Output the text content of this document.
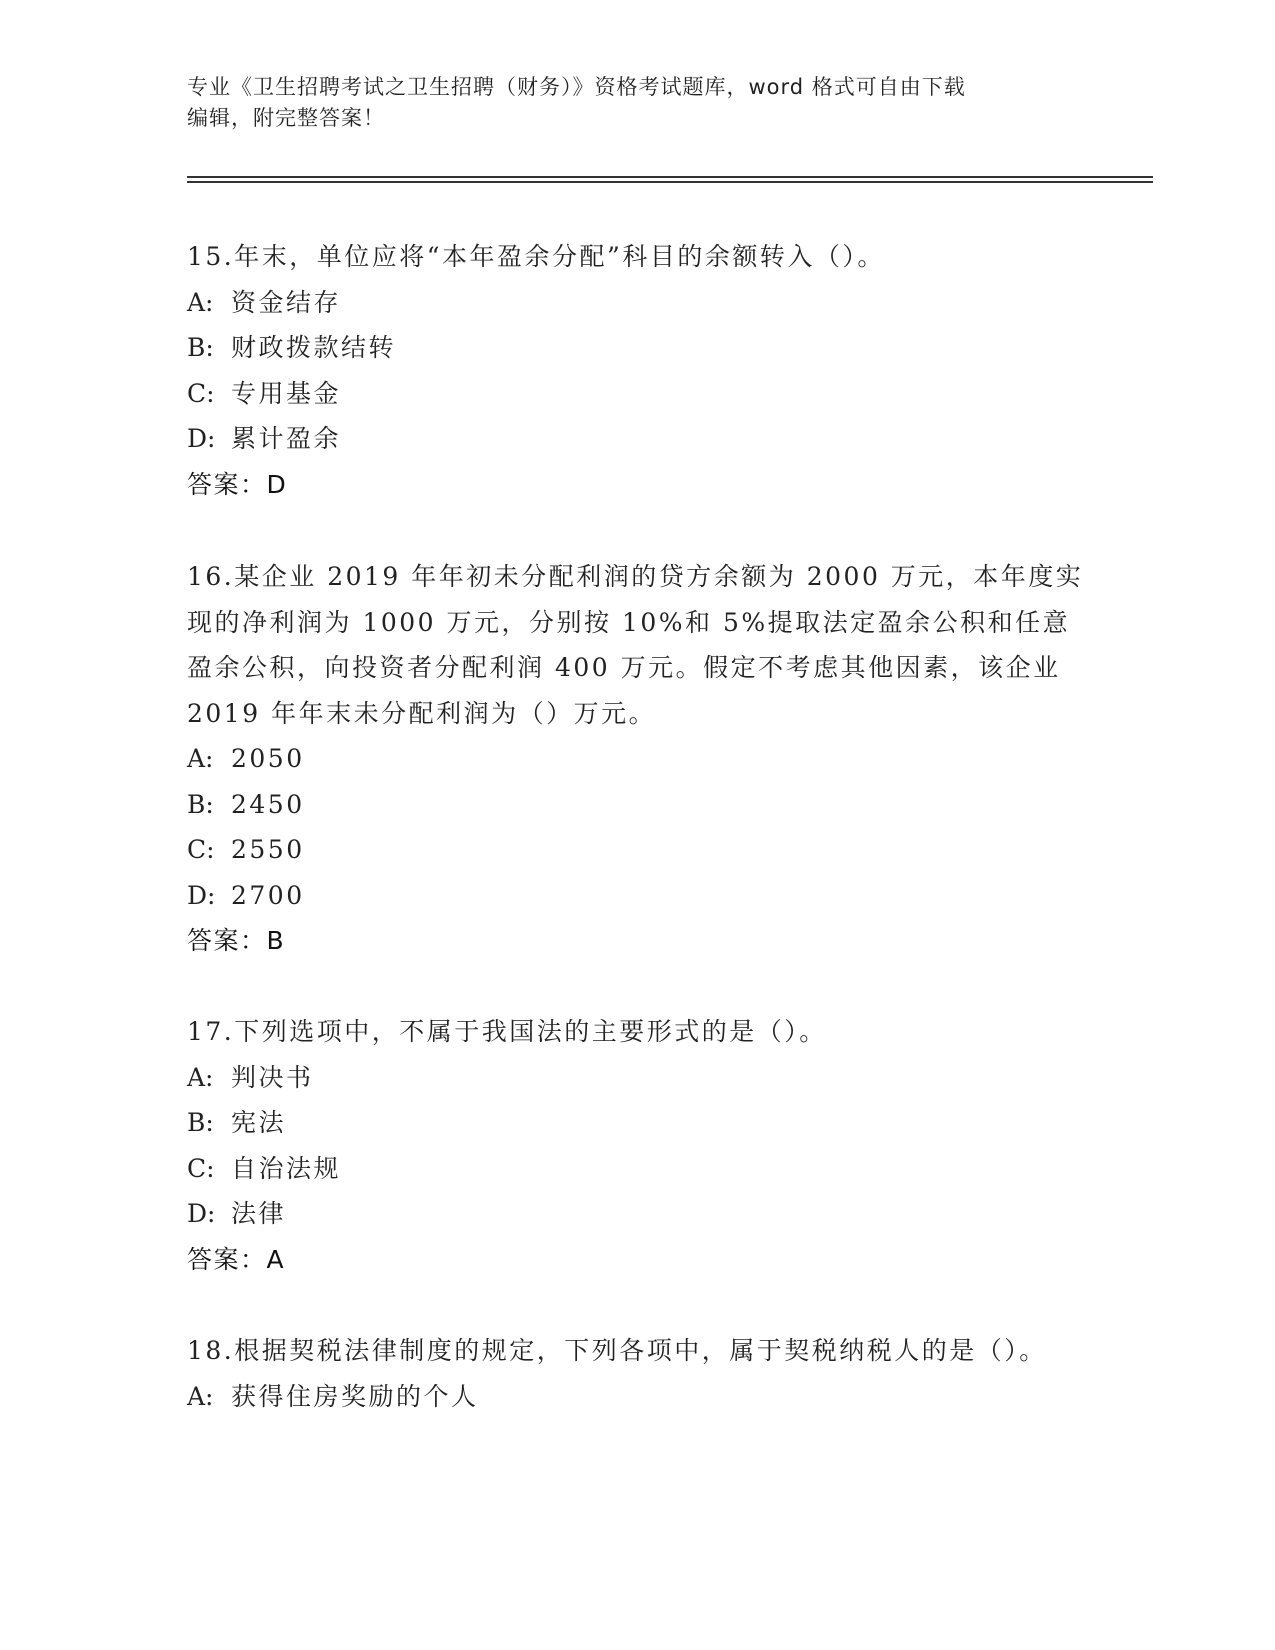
专业《卫生招聘考试之卫生招聘（财务）》资格考试题库，word 格式可自由下载
编辑，附完整答案！

15.年末，单位应将“本年盈余分配”科目的余额转入（）。

A: 资金结存

B: 财政拨款结转

C: 专用基金

D: 累计盈余

答案：D

16.某企业 2019 年年初未分配利润的贷方余额为 2000 万元，本年度实现的净利润为 1000 万元，分别按 10%和 5%提取法定盈余公积和任意盈余公积，向投资者分配利润 400 万元。假定不考虑其他因素，该企业 2019 年年末未分配利润为（）万元。

A: 2050

B: 2450

C: 2550

D: 2700

答案：B

17.下列选项中，不属于我国法的主要形式的是（）。

A: 判决书

B: 宪法

C: 自治法规

D: 法律

答案：A

18.根据契税法律制度的规定，下列各项中，属于契税纳税人的是（）。

A: 获得住房奖励的个人
